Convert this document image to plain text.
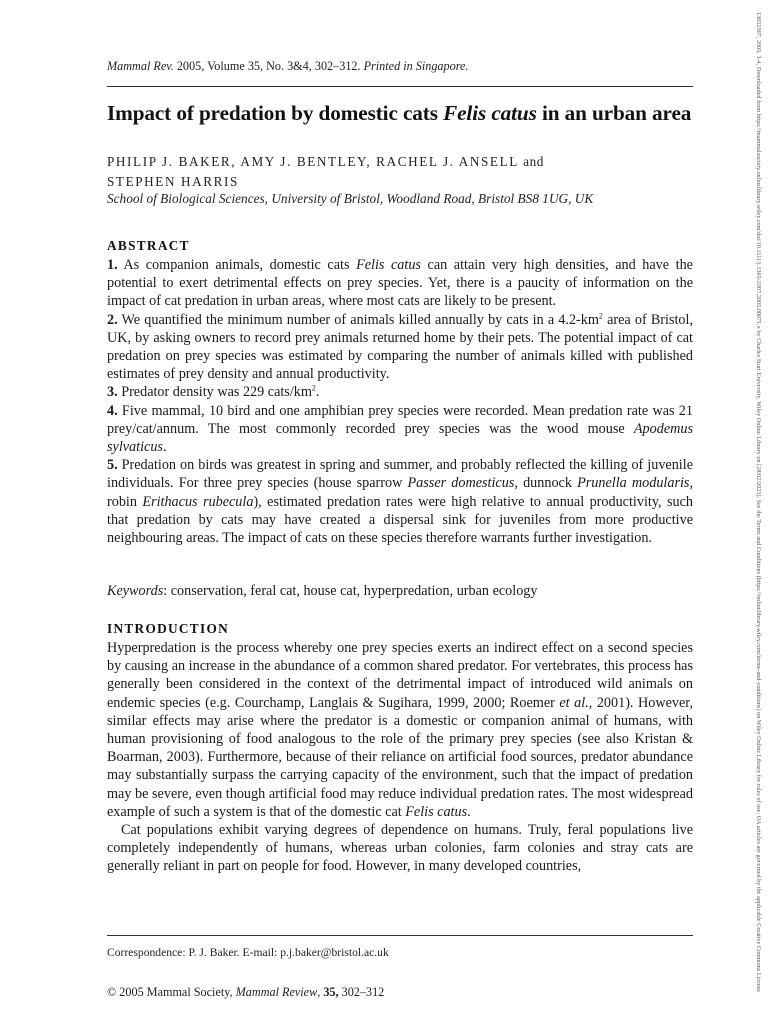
Mammal Rev. 2005, Volume 35, No. 3&4, 302–312. Printed in Singapore.
Impact of predation by domestic cats Felis catus in an urban area
PHILIP J. BAKER, AMY J. BENTLEY, RACHEL J. ANSELL and
STEPHEN HARRIS
School of Biological Sciences, University of Bristol, Woodland Road, Bristol BS8 1UG, UK
ABSTRACT

1. As companion animals, domestic cats Felis catus can attain very high densities, and have the potential to exert detrimental effects on prey species. Yet, there is a paucity of information on the impact of cat predation in urban areas, where most cats are likely to be present.

2. We quantified the minimum number of animals killed annually by cats in a $4.2-km^2$ area of Bristol, UK, by asking owners to record prey animals returned home by their pets. The potential impact of cat predation on prey species was estimated by comparing the number of animals killed with published estimates of prey density and annual productivity.

3. Predator density was 229 cats/$km^2$.

4. Five mammal, 10 bird and one amphibian prey species were recorded. Mean predation rate was 21 prey/cat/annum. The most commonly recorded prey species was the wood mouse Apodemus sylvaticus.

5. Predation on birds was greatest in spring and summer, and probably reflected the killing of juvenile individuals. For three prey species (house sparrow Passer domesticus, dunnock Prunella modularis, robin Erithacus rubecula), estimated predation rates were high relative to annual productivity, such that predation by cats may have created a dispersal sink for juveniles from more productive neighbouring areas. The impact of cats on these species therefore warrants further investigation.

Keywords: conservation, feral cat, house cat, hyperpredation, urban ecology
INTRODUCTION

Hyperpredation is the process whereby one prey species exerts an indirect effect on a second species by causing an increase in the abundance of a common shared predator. For vertebrates, this process has generally been considered in the context of the detrimental impact of introduced wild animals on endemic species (e.g. Courchamp, Langlais & Sugihara, 1999, 2000; Roemer et al., 2001). However, similar effects may arise where the predator is a domestic or companion animal of humans, with human provisioning of food analogous to the role of the primary prey species (see also Kristan & Boarman, 2003). Furthermore, because of their reliance on artificial food sources, predator abundance may substantially surpass the carrying capacity of the environment, such that the impact of predation may be severe, even though artificial food may reduce individual predation rates. The most widespread example of such a system is that of the domestic cat Felis catus.

Cat populations exhibit varying degrees of dependence on humans. Truly, feral populations live completely independently of humans, whereas urban colonies, farm colonies and stray cats are generally reliant in part on people for food. However, in many developed countries,

Correspondence: P. J. Baker. E-mail: p.j.baker@bristol.ac.uk
© 2005 Mammal Society, Mammal Review, 35, 302–312	13652907, 2005, 3-4, Downloaded from https://mammalsociety.onlinelibrary.wiley.com/doi/10.1111/j.1365-2907.2005.00071.x by Charles Sturt University, Wiley Online Library on [28/02/2023]. See the Terms and Conditions (https://onlinelibrary.wiley.com/terms-and-conditions) on Wiley Online Library for rules of use; OA articles are governed by the applicable Creative Commons License
